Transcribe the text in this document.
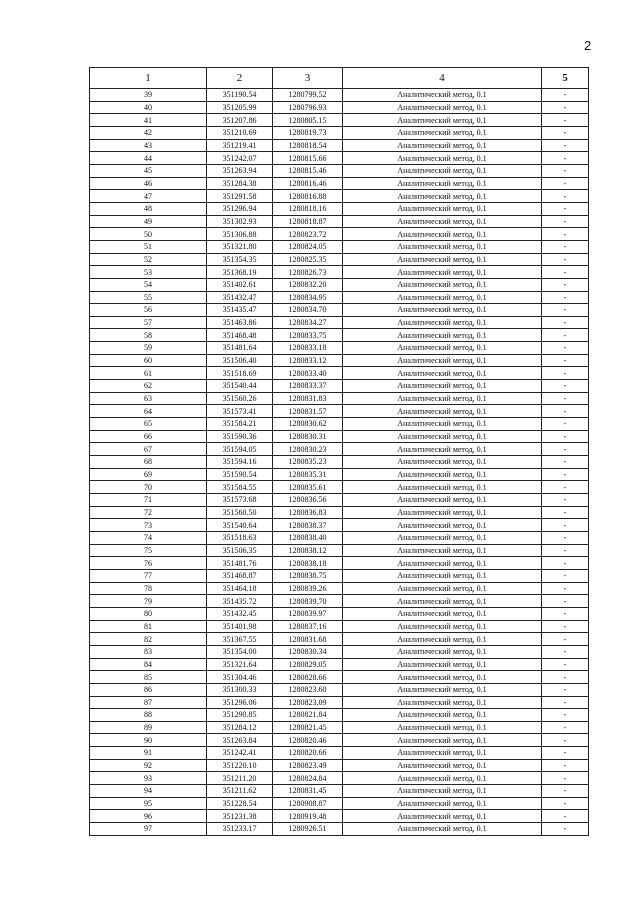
2
1	2	3	4	5
39	351190.54	1280799.52	Аналитический метод, 0.1	-
40	351205.99	1280796.93	Аналитический метод, 0.1	-
41	351207.86	1280805.15	Аналитический метод, 0.1	-
42	351210.69	1280819.73	Аналитический метод, 0.1	-
43	351219.41	1280818.54	Аналитический метод, 0.1	-
44	351242.07	1280815.66	Аналитический метод, 0.1	-
45	351263.94	1280815.46	Аналитический метод, 0.1	-
46	351284.38	1280816.46	Аналитический метод, 0.1	-
47	351291.58	1280816.88	Аналитический метод, 0.1	-
48	351296.94	1280818.16	Аналитический метод, 0.1	-
49	351302.93	1280818.87	Аналитический метод, 0.1	-
50	351306.88	1280823.72	Аналитический метод, 0.1	-
51	351321.80	1280824.05	Аналитический метод, 0.1	-
52	351354.35	1280825.35	Аналитический метод, 0.1	-
53	351368.19	1280826.73	Аналитический метод, 0.1	-
54	351402.61	1280832.20	Аналитический метод, 0.1	-
55	351432.47	1280834.95	Аналитический метод, 0.1	-
56	351435.47	1280834.70	Аналитический метод, 0.1	-
57	351463.86	1280834.27	Аналитический метод, 0.1	-
58	351468.48	1280833.75	Аналитический метод, 0.1	-
59	351481.64	1280833.18	Аналитический метод, 0.1	-
60	351506.40	1280833.12	Аналитический метод, 0.1	-
61	351518.69	1280833.40	Аналитический метод, 0.1	-
62	351540.44	1280833.37	Аналитический метод, 0.1	-
63	351560.26	1280831.83	Аналитический метод, 0.1	-
64	351573.41	1280831.57	Аналитический метод, 0.1	-
65	351584.21	1280830.62	Аналитический метод, 0.1	-
66	351590.36	1280830.31	Аналитический метод, 0.1	-
67	351594.05	1280830.23	Аналитический метод, 0.1	-
68	351594.16	1280835.23	Аналитический метод, 0.1	-
69	351590.54	1280835.31	Аналитический метод, 0.1	-
70	351584.55	1280835.61	Аналитический метод, 0.1	-
71	351573.68	1280836.56	Аналитический метод, 0.1	-
72	351560.50	1280836.83	Аналитический метод, 0.1	-
73	351540.64	1280838.37	Аналитический метод, 0.1	-
74	351518.63	1280838.40	Аналитический метод, 0.1	-
75	351506.35	1280838.12	Аналитический метод, 0.1	-
76	351481.76	1280838.18	Аналитический метод, 0.1	-
77	351468.87	1280838.75	Аналитический метод, 0.1	-
78	351464.18	1280839.26	Аналитический метод, 0.1	-
79	351435.72	1280839.70	Аналитический метод, 0.1	-
80	351432.45	1280839.97	Аналитический метод, 0.1	-
81	351401.98	1280837.16	Аналитический метод, 0.1	-
82	351367.55	1280831.68	Аналитический метод, 0.1	-
83	351354.00	1280830.34	Аналитический метод, 0.1	-
84	351321.64	1280829.05	Аналитический метод, 0.1	-
85	351304.46	1280828.66	Аналитический метод, 0.1	-
86	351300.33	1280823.60	Аналитический метод, 0.1	-
87	351296.06	1280823.09	Аналитический метод, 0.1	-
88	351290.85	1280821.84	Аналитический метод, 0.1	-
89	351284.12	1280821.45	Аналитический метод, 0.1	-
90	351263.84	1280820.46	Аналитический метод, 0.1	-
91	351242.41	1280820.66	Аналитический метод, 0.1	-
92	351220.10	1280823.49	Аналитический метод, 0.1	-
93	351211.20	1280824.84	Аналитический метод, 0.1	-
94	351211.62	1280831.45	Аналитический метод, 0.1	-
95	351228.54	1280908.87	Аналитический метод, 0.1	-
96	351231.38	1280919.48	Аналитический метод, 0.1	-
97	351233.17	1280926.51	Аналитический метод, 0.1	-
